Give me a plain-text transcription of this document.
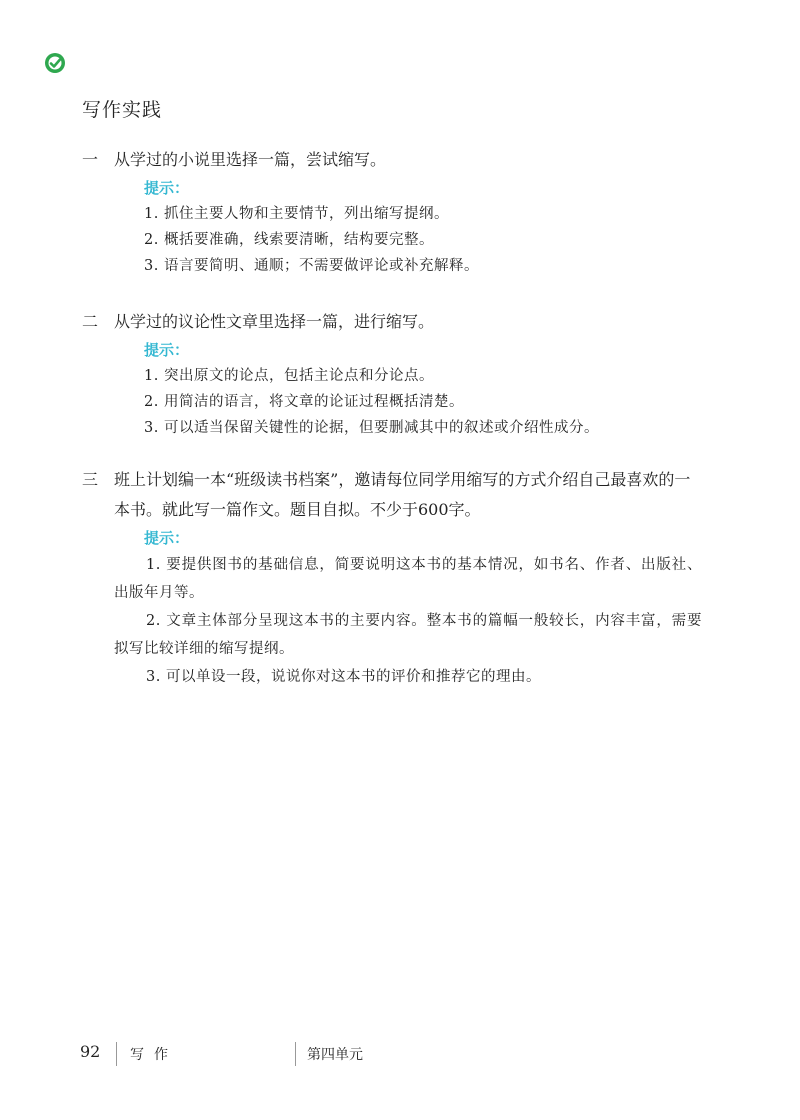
写作实践
一 从学过的小说里选择一篇，尝试缩写。
提示：
1. 抓住主要人物和主要情节，列出缩写提纲。
2. 概括要准确，线索要清晰，结构要完整。
3. 语言要简明、通顺；不需要做评论或补充解释。
二 从学过的议论性文章里选择一篇，进行缩写。
提示：
1. 突出原文的论点，包括主论点和分论点。
2. 用简洁的语言，将文章的论证过程概括清楚。
3. 可以适当保留关键性的论据，但要删减其中的叙述或介绍性成分。
三 班上计划编一本“班级读书档案”，邀请每位同学用缩写的方式介绍自己最喜欢的一本书。就此写一篇作文。题目自拟。不少于600字。
提示：
1. 要提供图书的基础信息，简要说明这本书的基本情况，如书名、作者、出版社、出版年月等。
2. 文章主体部分呈现这本书的主要内容。整本书的篇幅一般较长，内容丰富，需要拟写比较详细的缩写提纲。
3. 可以单设一段，说说你对这本书的评价和推荐它的理由。
92 写作	第四单元
